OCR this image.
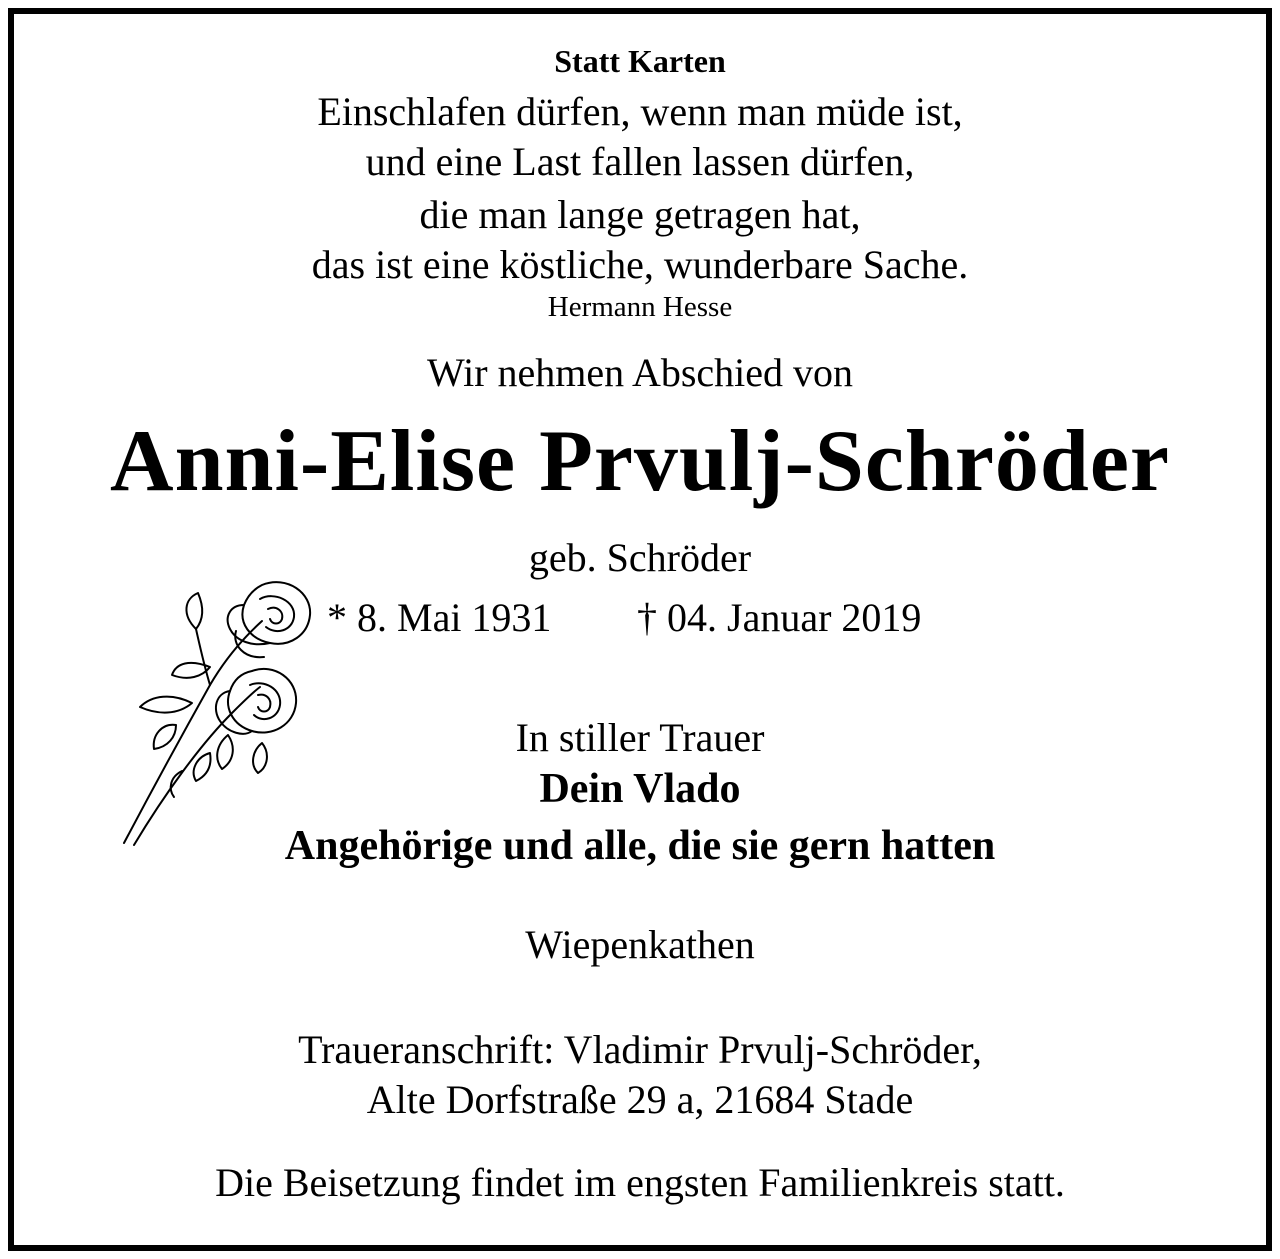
Statt Karten

Einschlafen dürfen, wenn man müde ist,

und eine Last fallen lassen dürfen,

die man lange getragen hat,

das ist eine köstliche, wunderbare Sache.

Hermann Hesse

Wir nehmen Abschied von

Anni-Elise Prvulj-Schröder

geb. Schröder

* 8. Mai 1931 † 04. Januar 2019

In stiller Trauer

Dein Vlado

Angehörige und alle, die sie gern hatten

Wiepenkathen

Traueranschrift: Vladimir Prvulj-Schröder,

Alte Dorfstraße 29 a, 21684 Stade

Die Beisetzung findet im engsten Familienkreis statt.
